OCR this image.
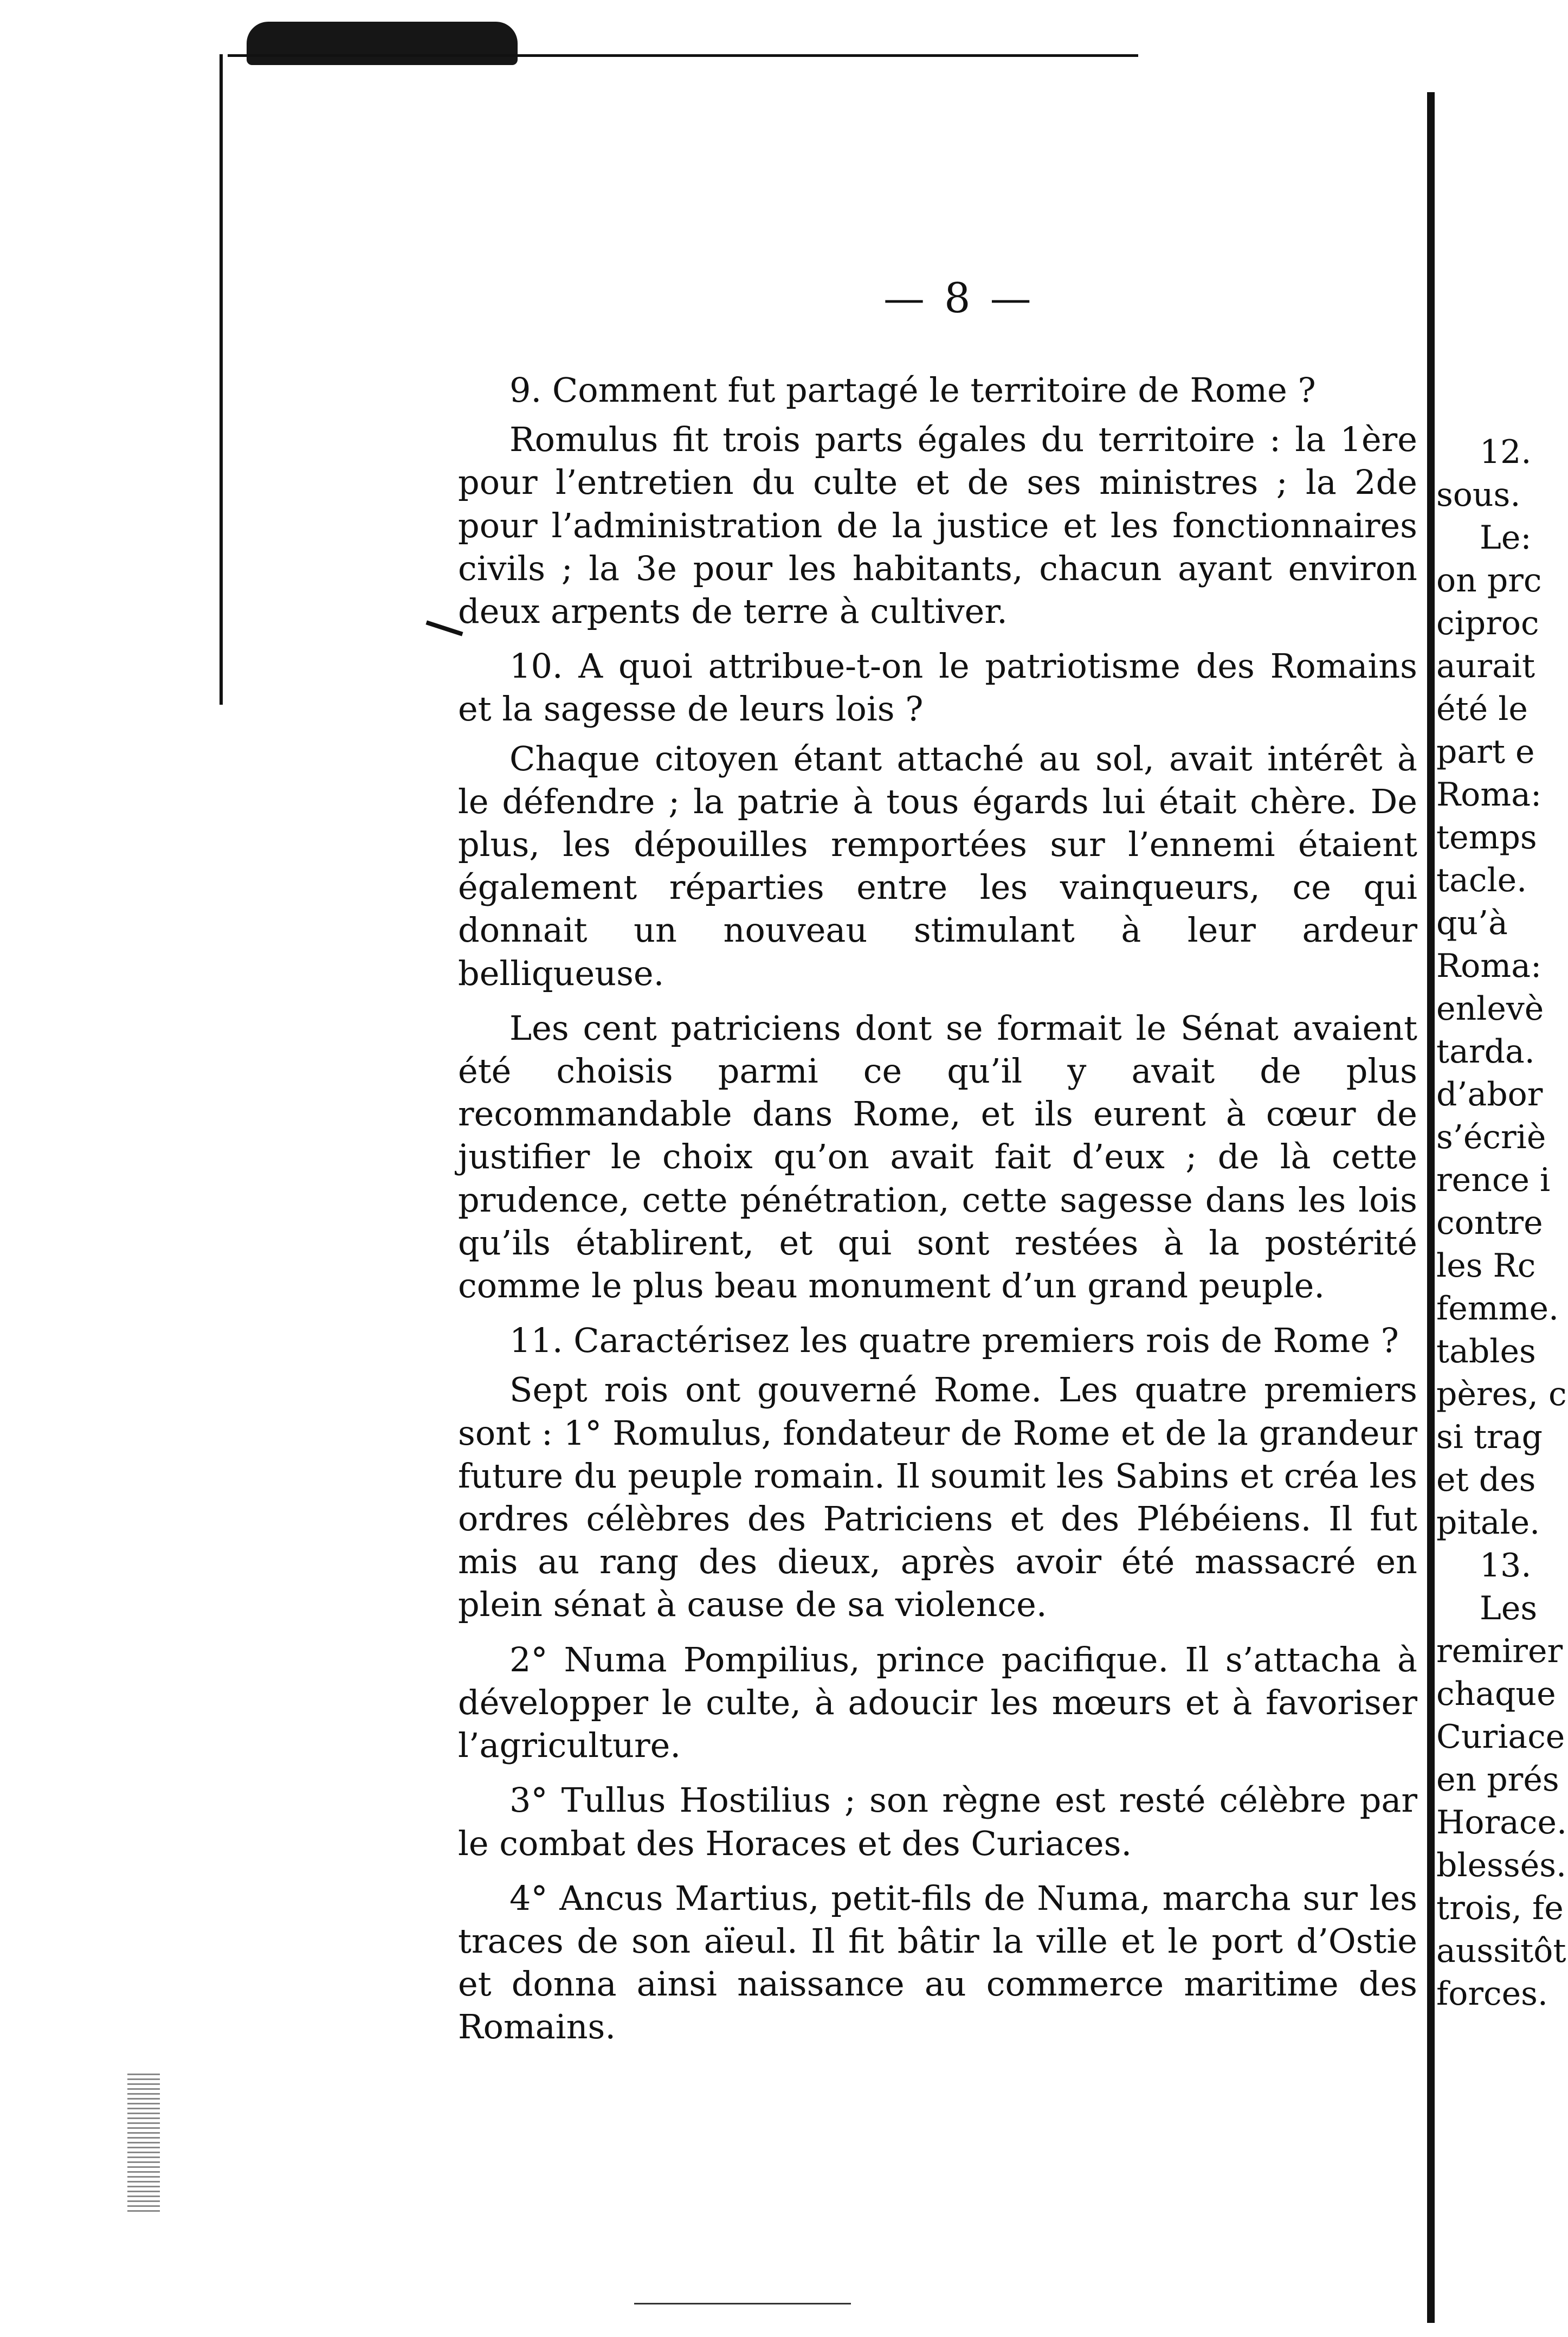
— 8 —

9. Comment fut partagé le territoire de Rome ?

Romulus fit trois parts égales du territoire : la 1ère pour l’entretien du culte et de ses ministres ; la 2de pour l’administration de la justice et les fonctionnaires civils ; la 3e pour les habitants, chacun ayant environ deux arpents de terre à cultiver.

10. A quoi attribue-t-on le patriotisme des Romains et la sagesse de leurs lois ?

Chaque citoyen étant attaché au sol, avait intérêt à le défendre ; la patrie à tous égards lui était chère. De plus, les dépouilles remportées sur l’ennemi étaient également réparties entre les vainqueurs, ce qui donnait un nouveau stimulant à leur ardeur belliqueuse.

Les cent patriciens dont se formait le Sénat avaient été choisis parmi ce qu’il y avait de plus recommandable dans Rome, et ils eurent à cœur de justifier le choix qu’on avait fait d’eux ; de là cette prudence, cette pénétration, cette sagesse dans les lois qu’ils établirent, et qui sont restées à la postérité comme le plus beau monument d’un grand peuple.

11. Caractérisez les quatre premiers rois de Rome ?

Sept rois ont gouverné Rome. Les quatre premiers sont : 1° Romulus, fondateur de Rome et de la grandeur future du peuple romain. Il soumit les Sabins et créa les ordres célèbres des Patriciens et des Plébéiens. Il fut mis au rang des dieux, après avoir été massacré en plein sénat à cause de sa violence.

2° Numa Pompilius, prince pacifique. Il s’attacha à développer le culte, à adoucir les mœurs et à favoriser l’agriculture.

3° Tullus Hostilius ; son règne est resté célèbre par le combat des Horaces et des Curiaces.

4° Ancus Martius, petit-fils de Numa, marcha sur les traces de son aïeul. Il fit bâtir la ville et le port d’Ostie et donna ainsi naissance au commerce maritime des Romains.

12.
sous.
Le:
on prc
ciproc
aurait
été le
part e
Roma:
temps
tacle.
qu’à
Roma:
enlevè
tarda.
d’abor
s’écriè
rence i
contre
les Rc
femme.
tables
pères, c
si trag
et des
pitale.
13.
Les
remirer
chaque
Curiace
en prés
Horace.
blessés.
trois, fe
aussitôt
forces.
